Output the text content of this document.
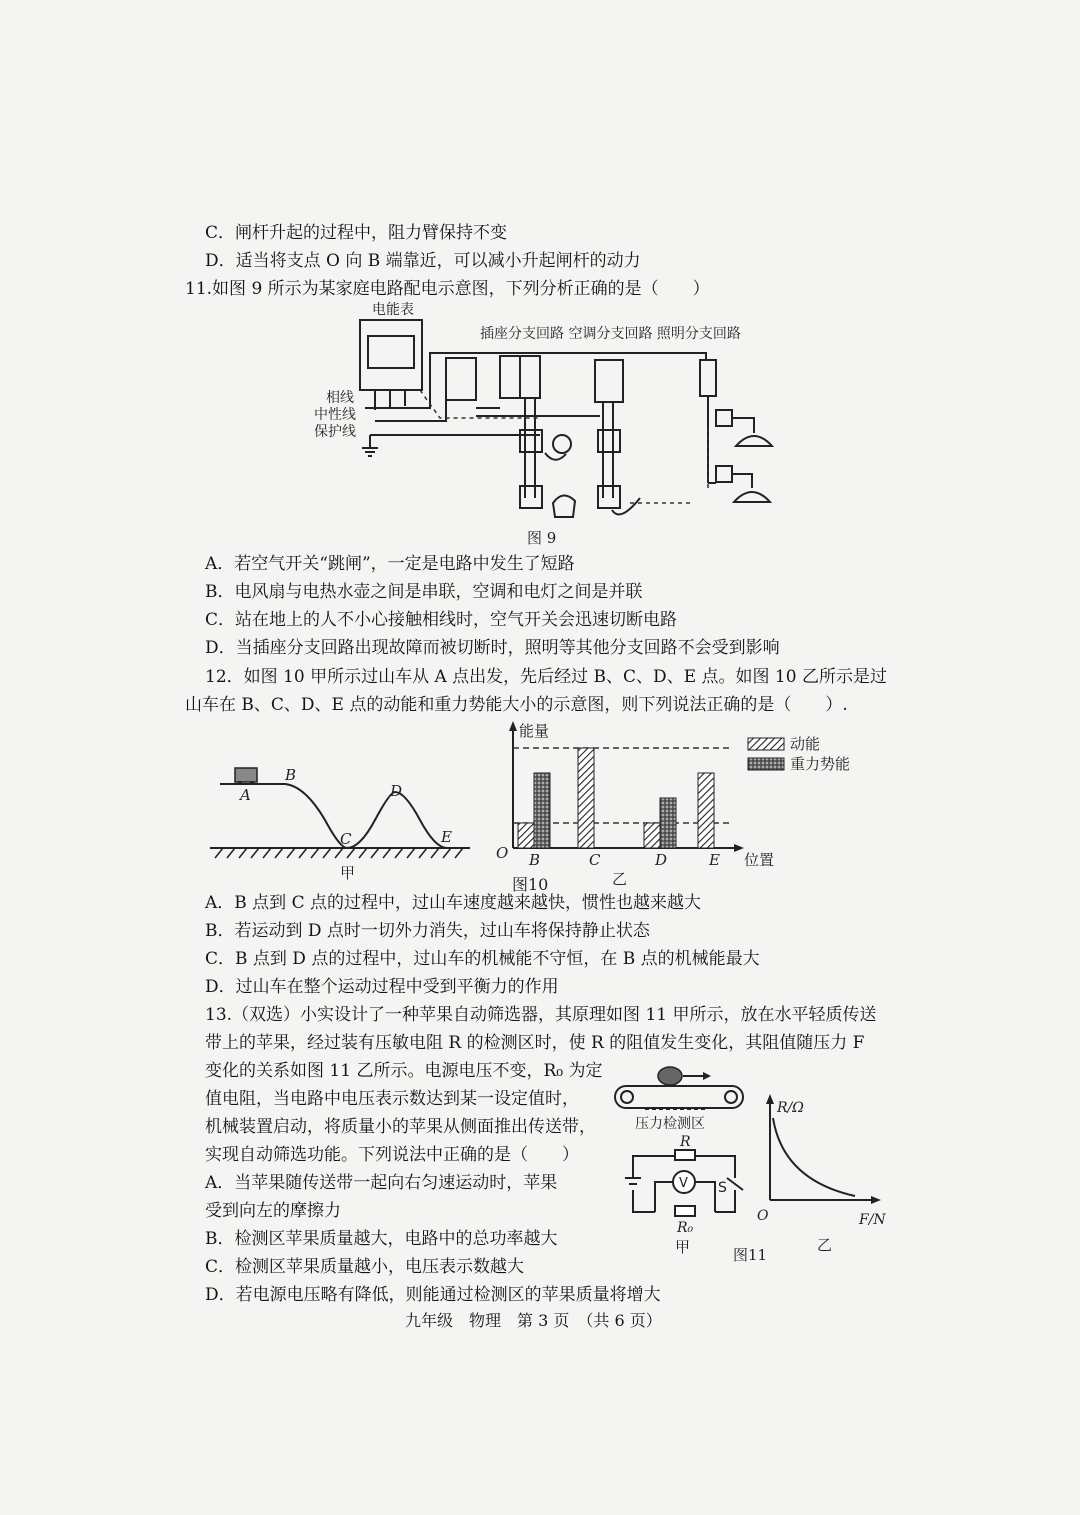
C．闸杆升起的过程中，阻力臂保持不变
D．适当将支点 O 向 B 端靠近，可以减小升起闸杆的动力
11.如图 9 所示为某家庭电路配电示意图，下列分析正确的是（　　）
电能表
插座分支回路 空调分支回路 照明分支回路
相线
中性线
保护线
图 9
A．若空气开关“跳闸”，一定是电路中发生了短路
B．电风扇与电热水壶之间是串联，空调和电灯之间是并联
C．站在地上的人不小心接触相线时，空气开关会迅速切断电路
D．当插座分支回路出现故障而被切断时，照明等其他分支回路不会受到影响
12．如图 10 甲所示过山车从 A 点出发，先后经过 B、C、D、E 点。如图 10 乙所示是过
山车在 B、C、D、E 点的动能和重力势能大小的示意图，则下列说法正确的是（　　）.
A
B
C
D
E
甲
B	C	D	E
动能
重力势能
能量
位置
O
图10	乙
A．B 点到 C 点的过程中，过山车速度越来越快，惯性也越来越大
B．若运动到 D 点时一切外力消失，过山车将保持静止状态
C．B 点到 D 点的过程中，过山车的机械能不守恒，在 B 点的机械能最大
D．过山车在整个运动过程中受到平衡力的作用
13.（双选）小实设计了一种苹果自动筛选器，其原理如图 11 甲所示，放在水平轻质传送
带上的苹果，经过装有压敏电阻 R 的检测区时，使 R 的阻值发生变化，其阻值随压力 F
变化的关系如图 11 乙所示。电源电压不变，R₀ 为定
值电阻，当电路中电压表示数达到某一设定值时，
机械装置启动，将质量小的苹果从侧面推出传送带，
实现自动筛选功能。下列说法中正确的是（　　）
A．当苹果随传送带一起向右匀速运动时，苹果
受到向左的摩擦力
B．检测区苹果质量越大，电路中的总功率越大
C．检测区苹果质量越小，电压表示数越大
D．若电源电压略有降低，则能通过检测区的苹果质量将增大
压力检测区
R
R₀
V S
甲
R/Ω
F/N
O
图11
乙
九年级　物理　第 3 页　（共 6 页）
